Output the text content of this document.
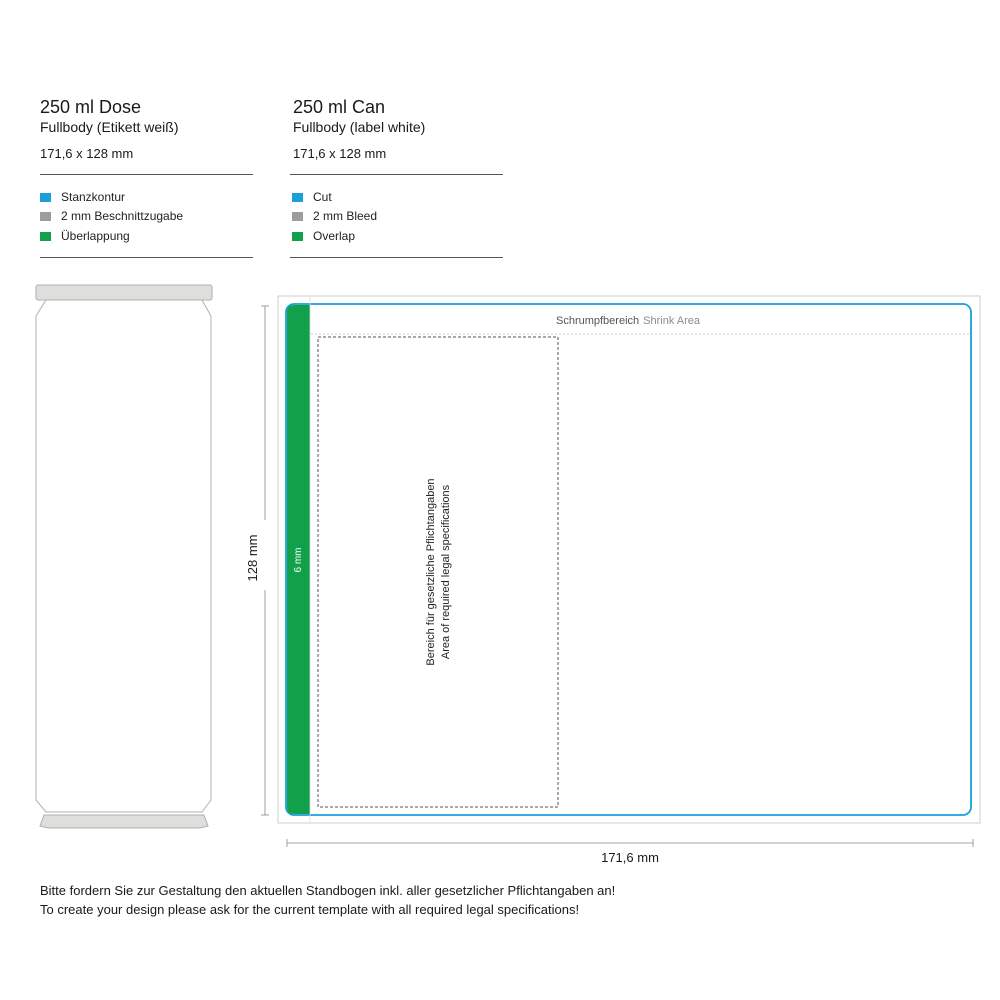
250 ml Dose
Fullbody (Etikett weiß)
171,6 x 128 mm
Stanzkontur
2 mm Beschnittzugabe
Überlappung
250 ml Can
Fullbody (label white)
171,6 x 128 mm
Cut
2 mm Bleed
Overlap
6 mm
Schrumpfbereich Shrink Area
Bereich für gesetzliche Pflichtangaben Area of required legal specifications
128 mm
171,6 mm
Bitte fordern Sie zur Gestaltung den aktuellen Standbogen inkl. aller gesetzlicher Pflichtangaben an!
To create your design please ask for the current template with all required legal specifications!
